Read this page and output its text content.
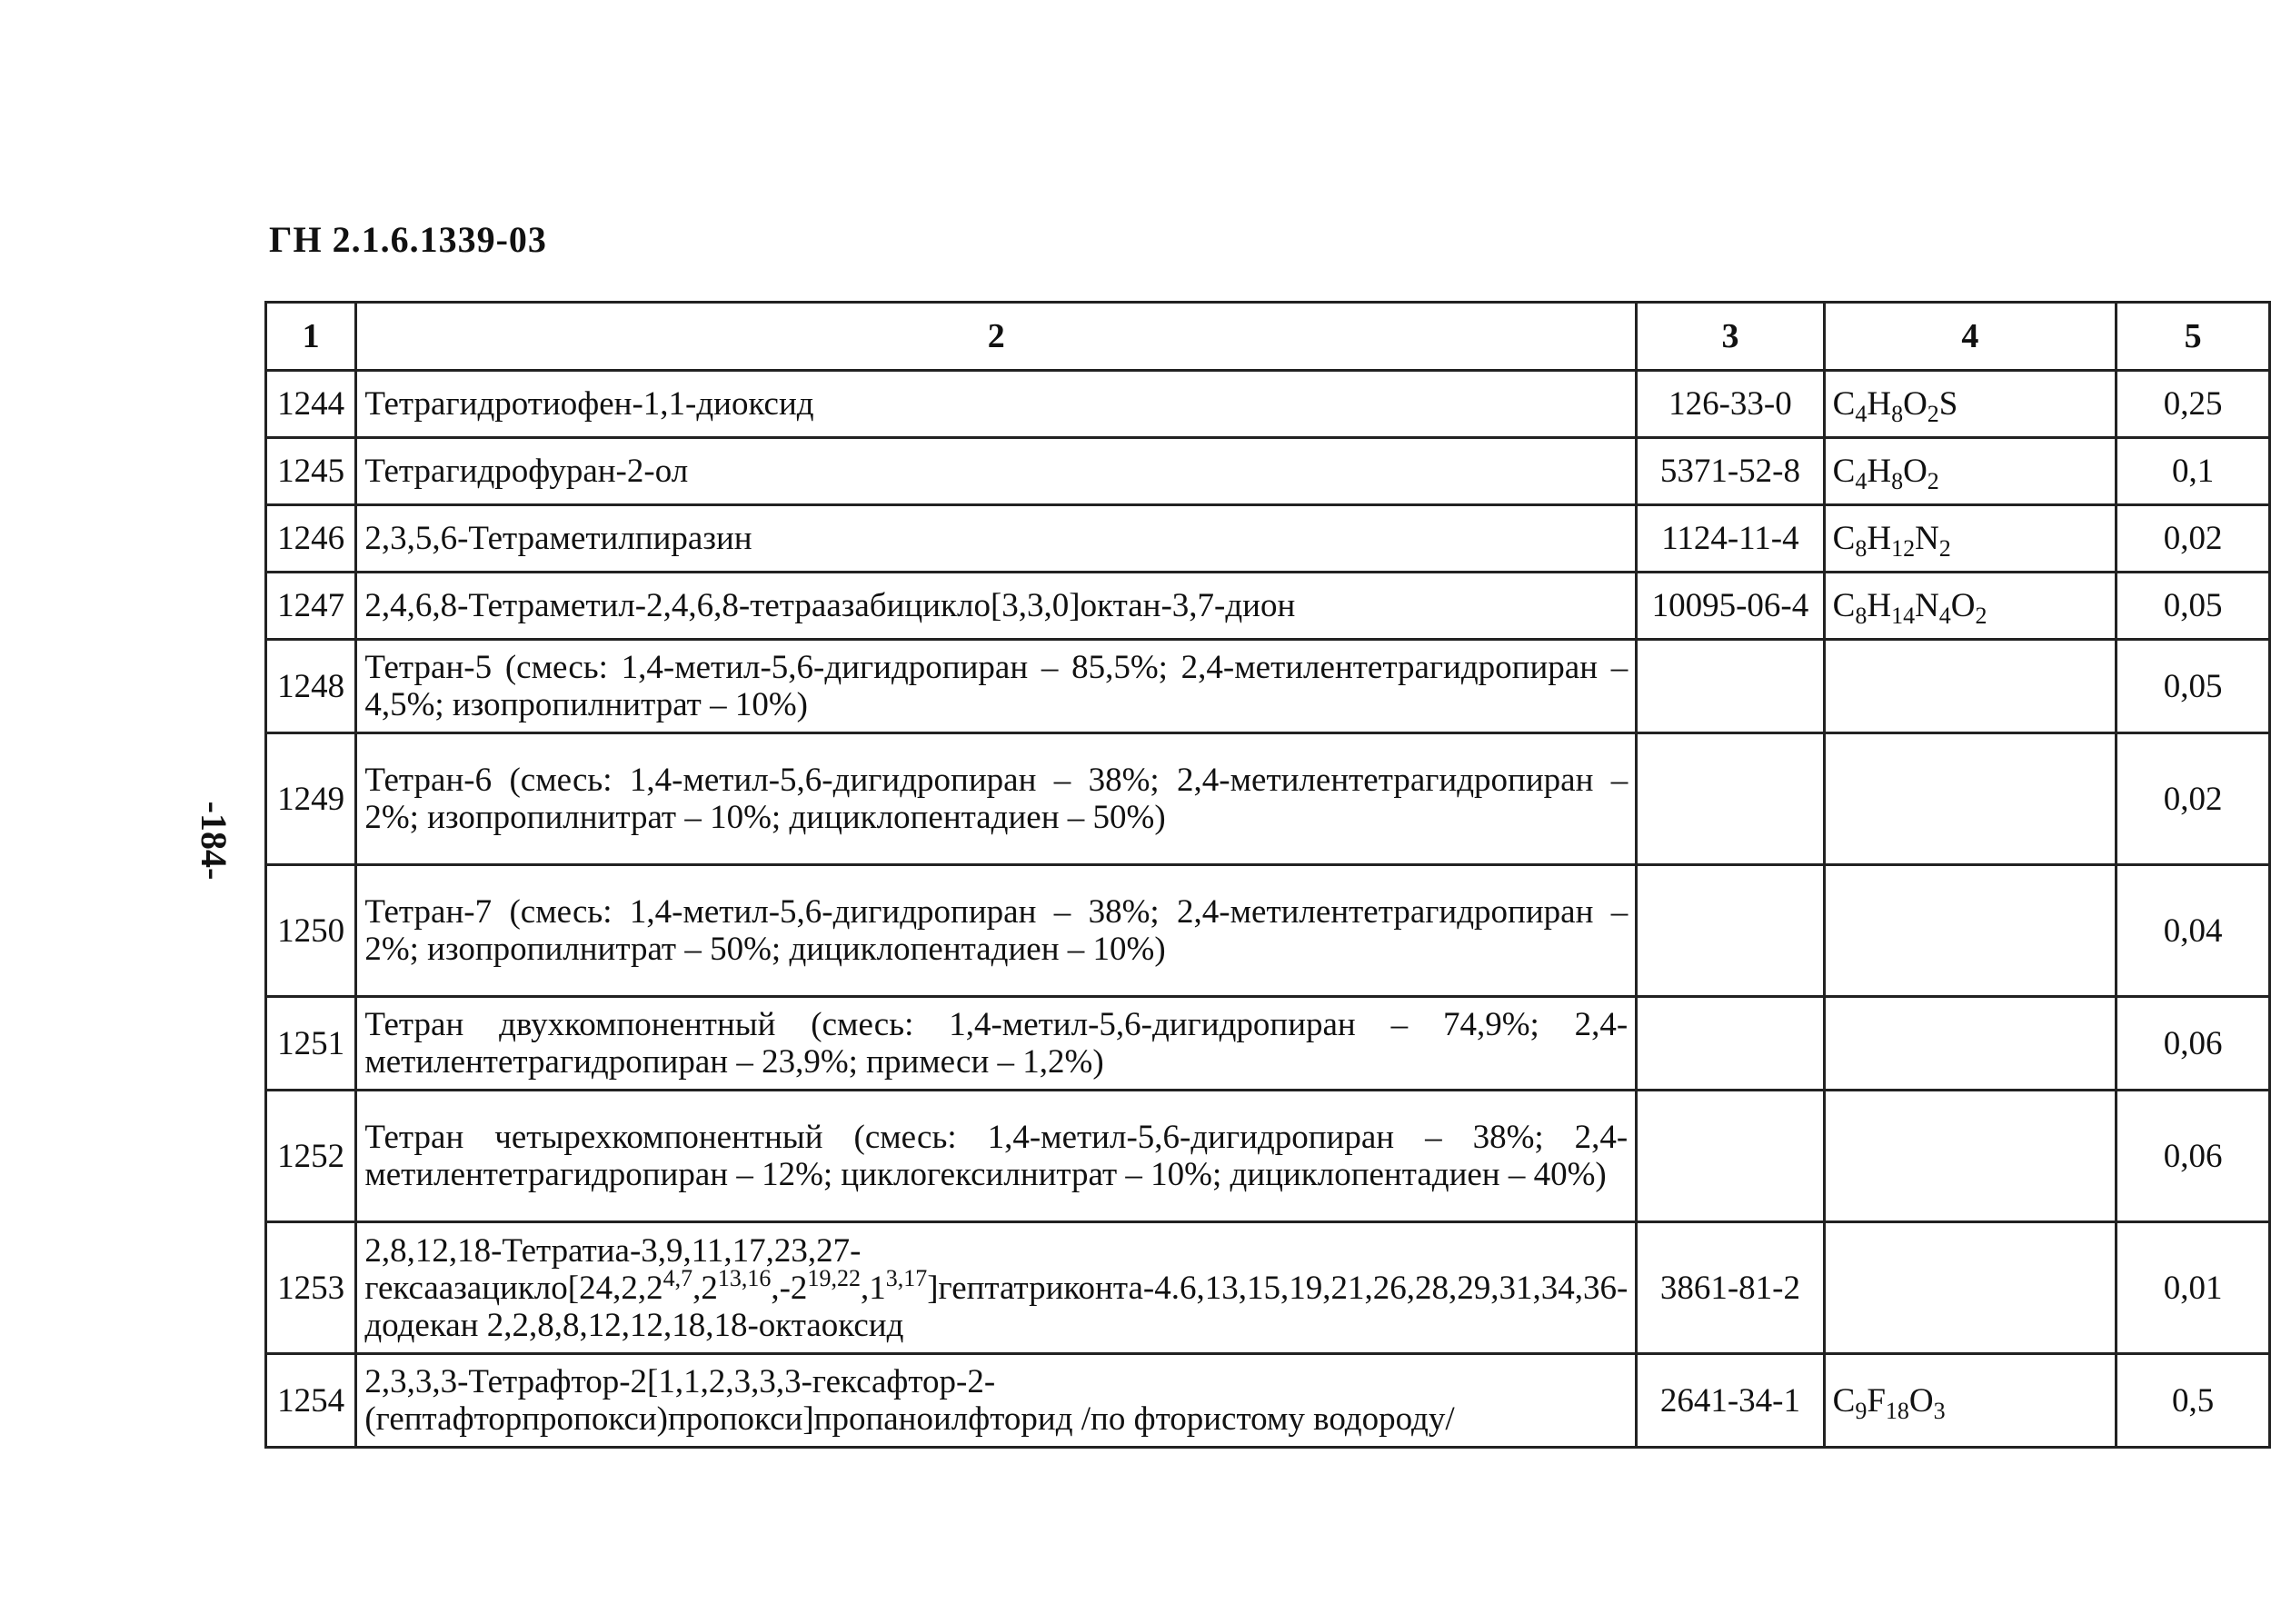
ГН 2.1.6.1339-03
-184-
1	2	3	4	5
1244	Тетрагидротиофен-1,1-диоксид	126-33-0	$C_4H_8O_2S$	0,25
1245	Тетрагидрофуран-2-ол	5371-52-8	$C_4H_8O_2$	0,1
1246	2,3,5,6-Тетраметилпиразин	1124-11-4	$C_8H_{12}N_2$	0,02
1247	2,4,6,8-Тетраметил-2,4,6,8-тетраазабицикло[3,3,0]октан-3,7-дион	10095-06-4	$C_8H_{14}N_4O_2$	0,05
1248	Тетран-5 (смесь: 1,4-метил-5,6-дигидропиран – 85,5%; 2,4-метилентетрагидропиран – 4,5%; изопропилнитрат – 10%)			0,05
1249	Тетран-6 (смесь: 1,4-метил-5,6-дигидропиран – 38%; 2,4-метилентетрагидропиран – 2%; изопропилнитрат – 10%; дициклопентадиен – 50%)			0,02
1250	Тетран-7 (смесь: 1,4-метил-5,6-дигидропиран – 38%; 2,4-метилентетрагидропиран – 2%; изопропилнитрат – 50%; дициклопентадиен – 10%)			0,04
1251	Тетран двухкомпонентный (смесь: 1,4-метил-5,6-дигидропиран – 74,9%; 2,4-метилентетрагидропиран – 23,9%; примеси – 1,2%)			0,06
1252	Тетран четырехкомпонентный (смесь: 1,4-метил-5,6-дигидропиран – 38%; 2,4-метилентетрагидропиран – 12%; циклогексилнитрат – 10%; дициклопентадиен – 40%)			0,06
1253	2,8,12,18-Тетратиа-3,9,11,17,23,27-гексаазацикло[24,2,2$^{4,7}$,2$^{13,16}$,-2$^{19,22}$,1$^{3,17}$]гептатриконта-4.6,13,15,19,21,26,28,29,31,34,36-додекан 2,2,8,8,12,12,18,18-октаоксид	3861-81-2		0,01
1254	2,3,3,3-Тетрафтор-2[1,1,2,3,3,3-гексафтор-2-(гептафторпропокси)пропокси]пропаноилфторид /по фтористому водороду/	2641-34-1	$C_9F_{18}O_3$	0,5
